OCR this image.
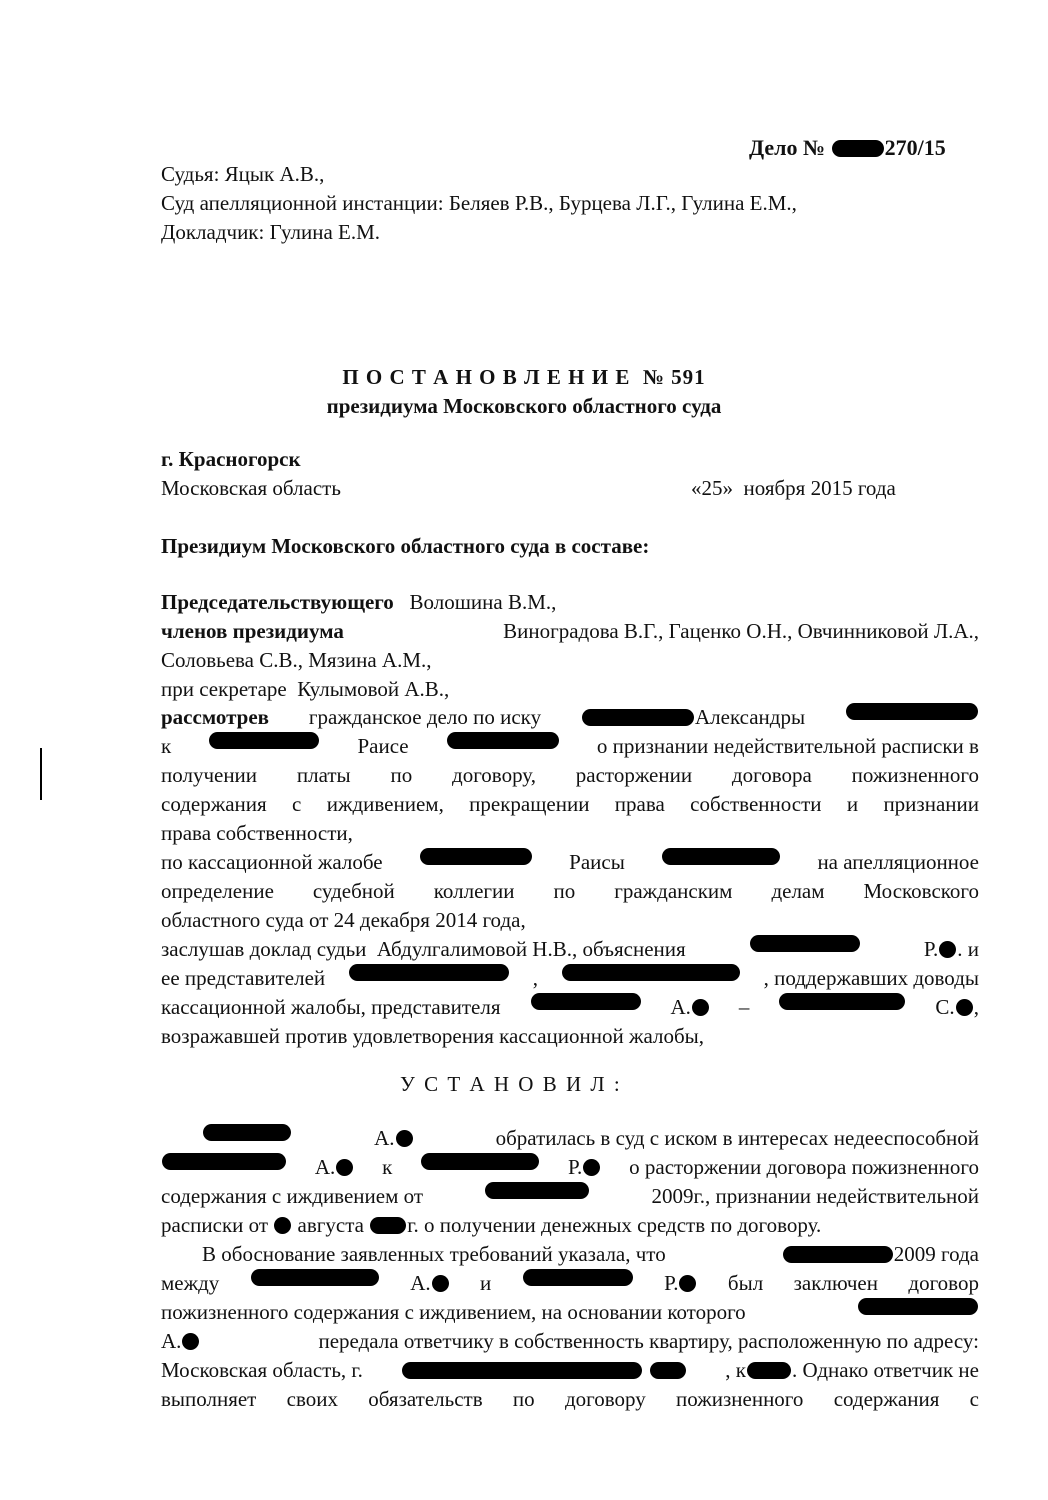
Дело №	270/15
Судья: Яцык А.В.,
Суд апелляционной инстанции: Беляев Р.В., Бурцева Л.Г., Гулина Е.М.,
Докладчик: Гулина Е.М.
П О С Т А Н О В Л Е Н И Е  № 591
президиума Московского областного суда
г. Красногорск
Московская область	«25»  ноября 2015 года
Президиум Московского областного суда в составе:
Председательствующего Волошина В.М.,
членов президиума	Виноградова В.Г., Гаценко О.Н., Овчинниковой Л.А.,
Соловьева С.В., Мязина А.М.,
при секретаре  Кулымовой А.В.,
рассмотрев гражданское дело по иску	Александры
к	Раисе	о признании недействительной расписки в
получении платы по договору, расторжении договора пожизненного
содержания с иждивением, прекращении права собственности и признании
права собственности,
по кассационной жалобе	Раисы	на апелляционное
определение судебной коллегии по гражданским делам Московского
областного суда от 24 декабря 2014 года,
заслушав доклад судьи  Абдулгалимовой Н.В., объяснения	Р. . и
ее представителей	,	, поддержавших доводы
кассационной жалобы, представителя	А.	–	С. ,
возражавшей против удовлетворения кассационной жалобы,
У С Т А Н О В И Л :
А.	обратилась в суд с иском в интересах недееспособной
А.	к	Р.	о расторжении договора пожизненного
содержания с иждивением от	2009г., признании недействительной
расписки от августа г. о получении денежных средств по договору.
В обоснование заявленных требований указала, что	2009 года
между	А.	и	Р.	был заключен договор
пожизненного содержания с иждивением, на основании которого
А.	передала ответчику в собственность квартиру, расположенную по адресу:
Московская область, г.
	, к . Однако ответчик не
выполняет своих обязательств по договору пожизненного содержания с
